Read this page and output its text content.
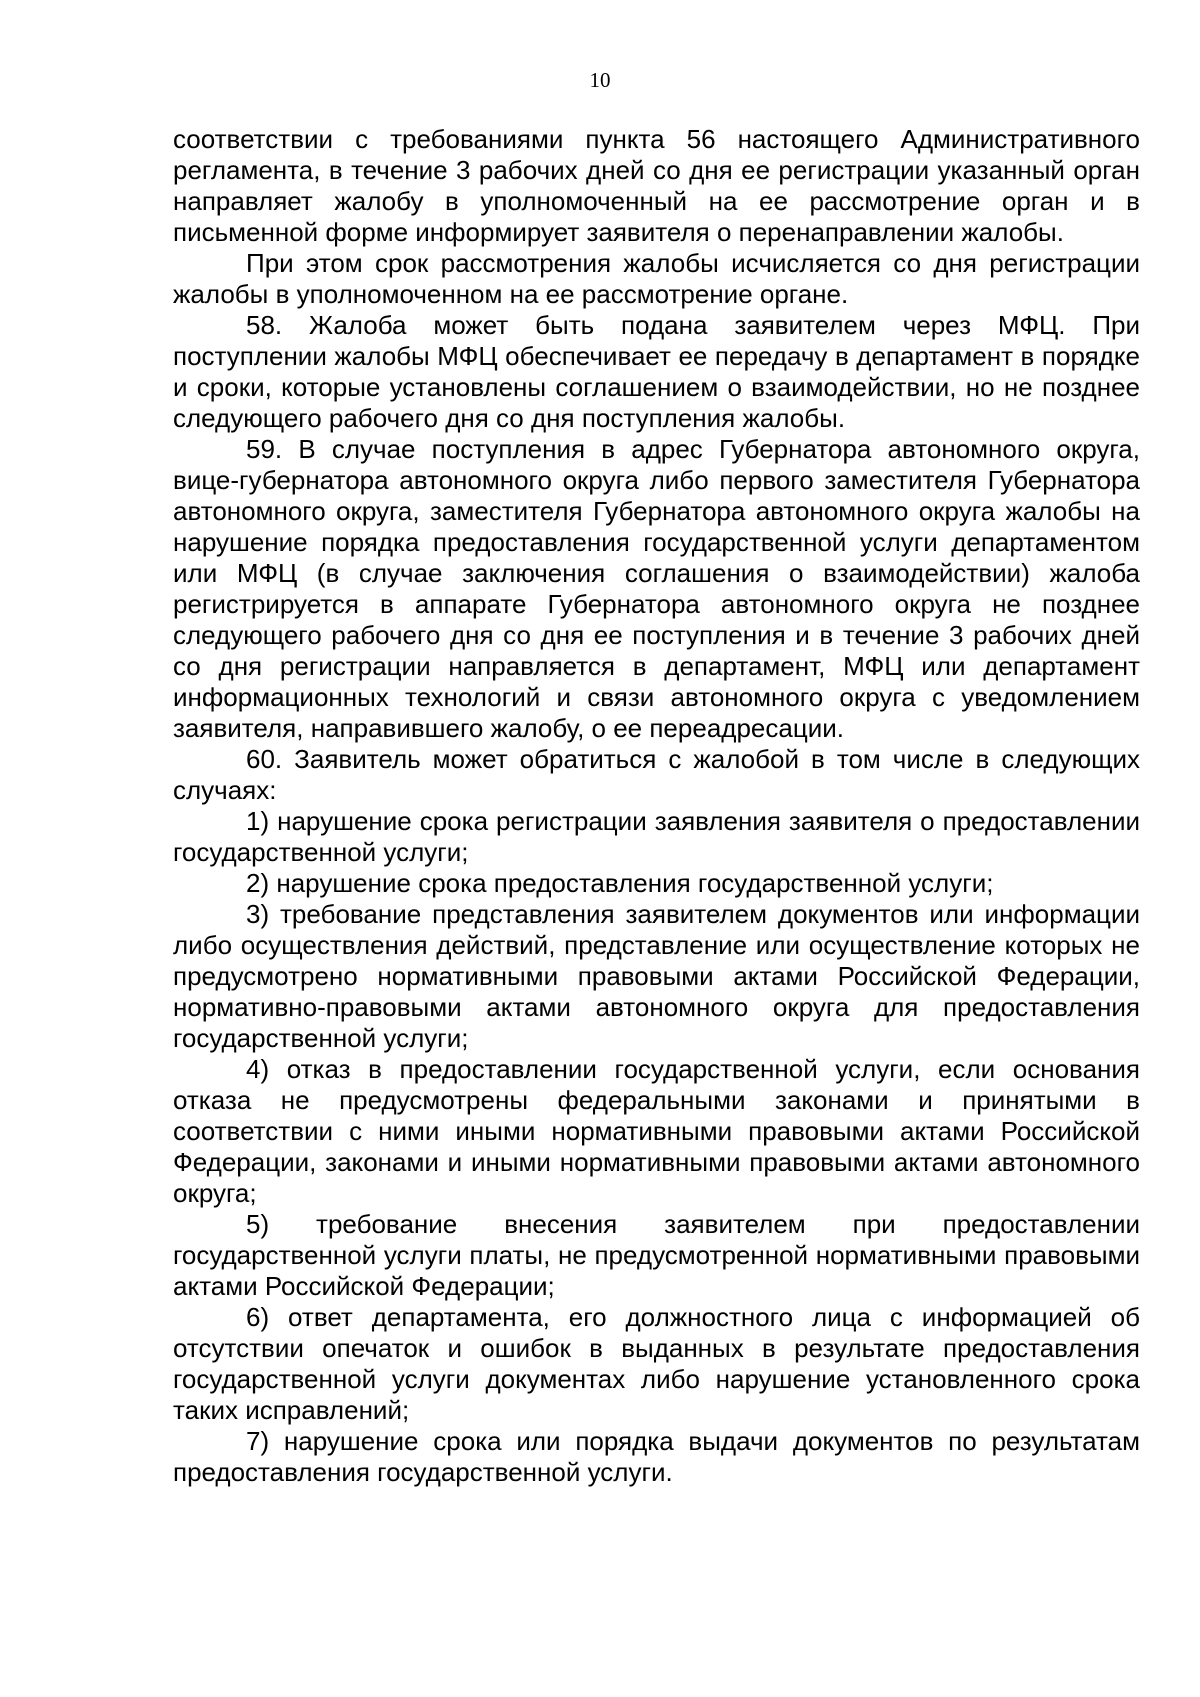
10

соответствии с требованиями пункта 56 настоящего Административного регламента, в течение 3 рабочих дней со дня ее регистрации указанный орган направляет жалобу в уполномоченный на ее рассмотрение орган и в письменной форме информирует заявителя о перенаправлении жалобы.

При этом срок рассмотрения жалобы исчисляется со дня регистрации жалобы в уполномоченном на ее рассмотрение органе.

58. Жалоба может быть подана заявителем через МФЦ. При поступлении жалобы МФЦ обеспечивает ее передачу в департамент в порядке и сроки, которые установлены соглашением о взаимодействии, но не позднее следующего рабочего дня со дня поступления жалобы.

59. В случае поступления в адрес Губернатора автономного округа, вице-губернатора автономного округа либо первого заместителя Губернатора автономного округа, заместителя Губернатора автономного округа жалобы на нарушение порядка предоставления государственной услуги департаментом или МФЦ (в случае заключения соглашения о взаимодействии) жалоба регистрируется в аппарате Губернатора автономного округа не позднее следующего рабочего дня со дня ее поступления и в течение 3 рабочих дней со дня регистрации направляется в департамент, МФЦ или департамент информационных технологий и связи автономного округа с уведомлением заявителя, направившего жалобу, о ее переадресации.

60. Заявитель может обратиться с жалобой в том числе в следующих случаях:

1) нарушение срока регистрации заявления заявителя о предоставлении государственной услуги;

2) нарушение срока предоставления государственной услуги;

3) требование представления заявителем документов или информации либо осуществления действий, представление или осуществление которых не предусмотрено нормативными правовыми актами Российской Федерации, нормативно-правовыми актами автономного округа для предоставления государственной услуги;

4) отказ в предоставлении государственной услуги, если основания отказа не предусмотрены федеральными законами и принятыми в соответствии с ними иными нормативными правовыми актами Российской Федерации, законами и иными нормативными правовыми актами автономного округа;

5) требование внесения заявителем при предоставлении государственной услуги платы, не предусмотренной нормативными правовыми актами Российской Федерации;

6) ответ департамента, его должностного лица с информацией об отсутствии опечаток и ошибок в выданных в результате предоставления государственной услуги документах либо нарушение установленного срока таких исправлений;

7) нарушение срока или порядка выдачи документов по результатам предоставления государственной услуги.
